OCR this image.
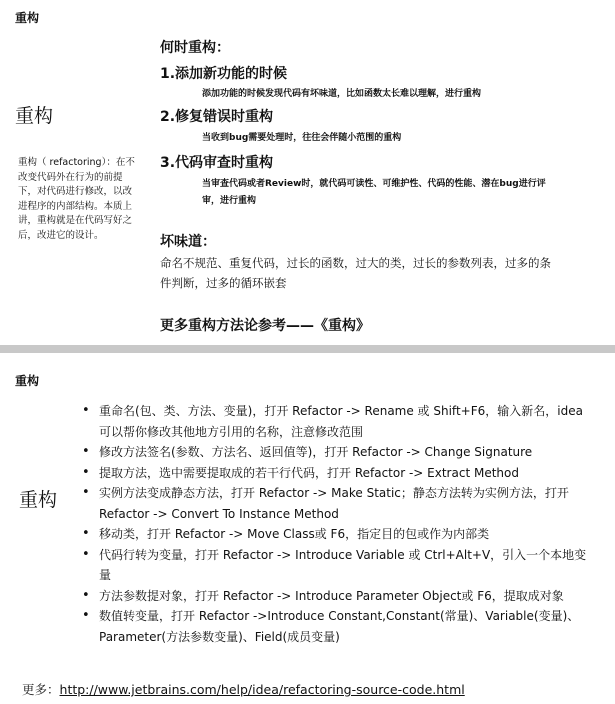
重构
重构
重构（ refactoring）：在不改变代码外在行为的前提下，对代码进行修改，以改进程序的内部结构。本质上讲，重构就是在代码写好之后，改进它的设计。
何时重构：
1.添加新功能的时候
添加功能的时候发现代码有坏味道，比如函数太长难以理解，进行重构
2.修复错误时重构
当收到bug需要处理时，往往会伴随小范围的重构
3.代码审查时重构
当审查代码或者Review时，就代码可读性、可维护性、代码的性能、潜在bug进行评审，进行重构
坏味道：
命名不规范、重复代码，过长的函数，过大的类，过长的参数列表，过多的条件判断，过多的循环嵌套
更多重构方法论参考——《重构》
重构
重构
• 重命名(包、类、方法、变量)，打开 Refactor -> Rename 或 Shift+F6，输入新名，idea可以帮你修改其他地方引用的名称，注意修改范围
• 修改方法签名(参数、方法名、返回值等)，打开 Refactor -> Change Signature
• 提取方法，选中需要提取成的若干行代码，打开 Refactor -> Extract Method
• 实例方法变成静态方法，打开 Refactor -> Make Static；静态方法转为实例方法，打开 Refactor -> Convert To Instance Method
• 移动类，打开 Refactor -> Move Class或 F6，指定目的包或作为内部类
• 代码行转为变量，打开 Refactor -> Introduce Variable 或 Ctrl+Alt+V，引入一个本地变量
• 方法参数提对象，打开 Refactor -> Introduce Parameter Object或 F6，提取成对象
• 数值转变量，打开 Refactor ->Introduce Constant,Constant(常量)、Variable(变量)、Parameter(方法参数变量)、Field(成员变量)
更多：http://www.jetbrains.com/help/idea/refactoring-source-code.html
